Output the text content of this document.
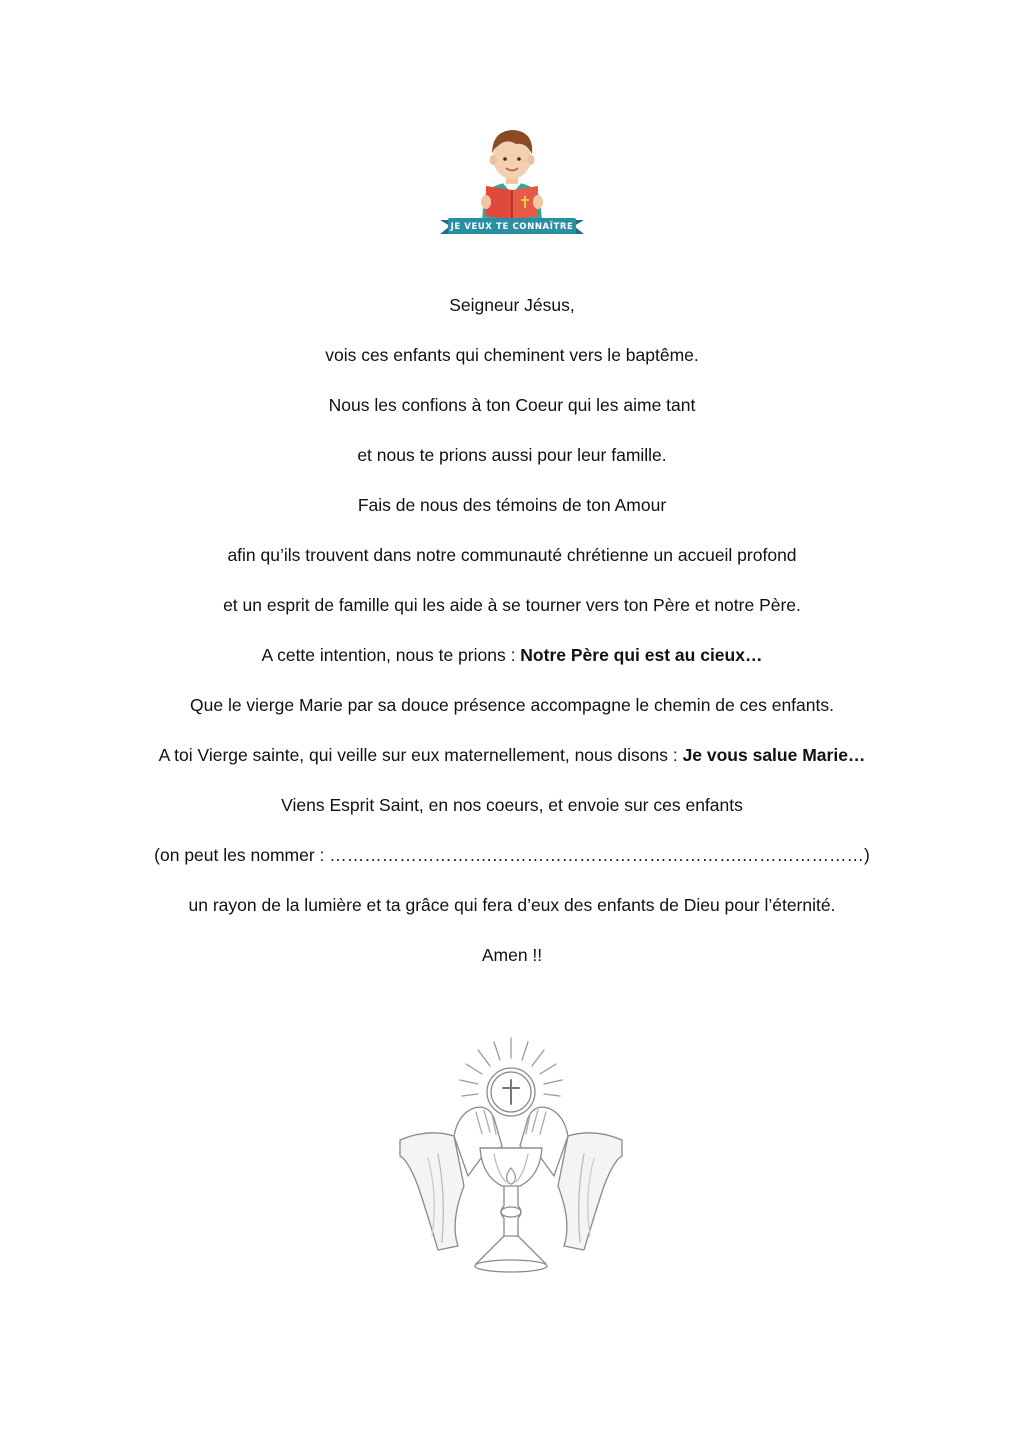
JE VEUX TE CONNAÎTRE
Seigneur Jésus,
vois ces enfants qui cheminent vers le baptême.
Nous les confions à ton Coeur qui les aime tant
et nous te prions aussi pour leur famille.
Fais de nous des témoins de ton Amour
afin qu’ils trouvent dans notre communauté chrétienne un accueil profond
et un esprit de famille qui les aide à se tourner vers ton Père et notre Père.
A cette intention, nous te prions : Notre Père qui est au cieux…
Que le vierge Marie par sa douce présence accompagne le chemin de ces enfants.
A toi Vierge sainte, qui veille sur eux maternellement, nous disons : Je vous salue Marie…
Viens Esprit Saint, en nos coeurs, et envoie sur ces enfants
(on peut les nommer : ……………………….…………………………………….…………………)
un rayon de la lumière et ta grâce qui fera d’eux des enfants de Dieu pour l’éternité.
Amen !!
